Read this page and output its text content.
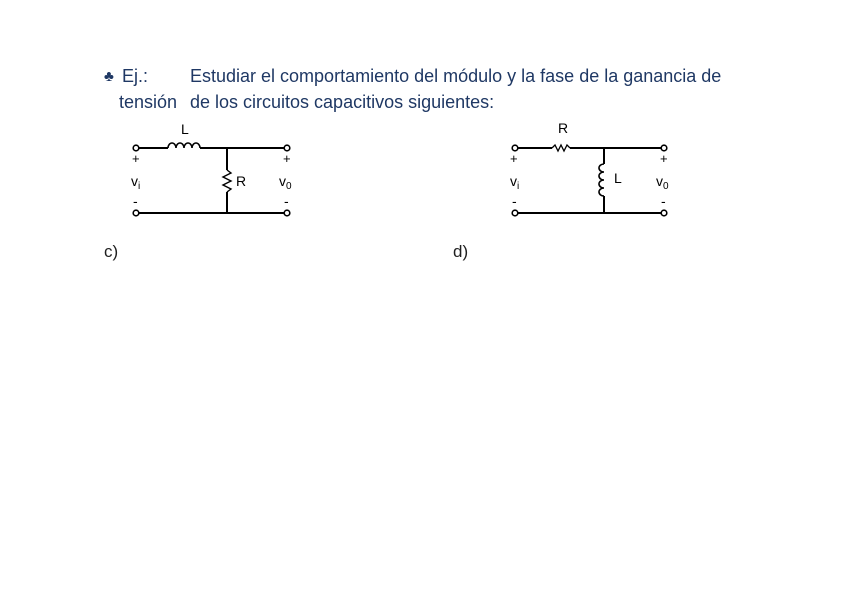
♣ Ej.: Estudiar el comportamiento del módulo y la fase de la ganancia de
tensión de los circuitos capacitivos siguientes:
L
R
+	+
-	-
$v_i$	$v_0$
R
L
+	+
-	-
$v_i$	$v_0$
c)	d)
